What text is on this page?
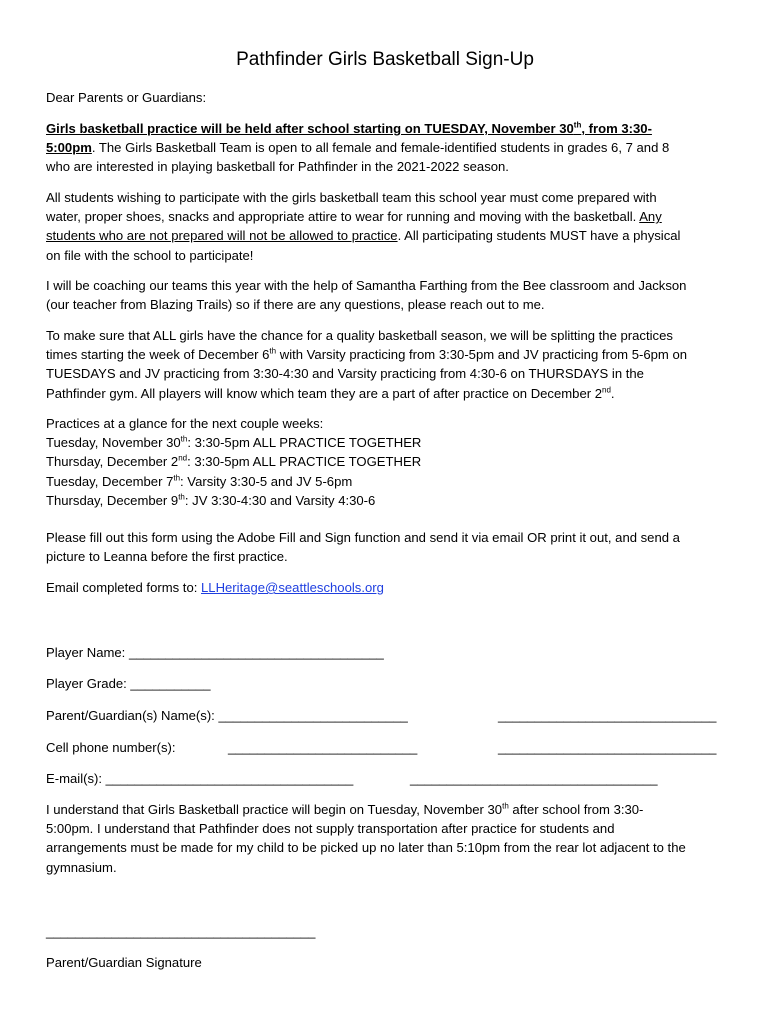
Pathfinder Girls Basketball Sign-Up
Dear Parents or Guardians:
Girls basketball practice will be held after school starting on TUESDAY, November 30th, from 3:30-
5:00pm. The Girls Basketball Team is open to all female and female-identified students in grades 6, 7 and 8
who are interested in playing basketball for Pathfinder in the 2021-2022 season.
All students wishing to participate with the girls basketball team this school year must come prepared with
water, proper shoes, snacks and appropriate attire to wear for running and moving with the basketball. Any
students who are not prepared will not be allowed to practice. All participating students MUST have a physical
on file with the school to participate!
I will be coaching our teams this year with the help of Samantha Farthing from the Bee classroom and Jackson
(our teacher from Blazing Trails) so if there are any questions, please reach out to me.
To make sure that ALL girls have the chance for a quality basketball season, we will be splitting the practices
times starting the week of December 6th with Varsity practicing from 3:30-5pm and JV practicing from 5-6pm on
TUESDAYS and JV practicing from 3:30-4:30 and Varsity practicing from 4:30-6 on THURSDAYS in the
Pathfinder gym. All players will know which team they are a part of after practice on December 2nd.
Practices at a glance for the next couple weeks:
Tuesday, November 30th: 3:30-5pm ALL PRACTICE TOGETHER
Thursday, December 2nd: 3:30-5pm ALL PRACTICE TOGETHER
Tuesday, December 7th: Varsity 3:30-5 and JV 5-6pm
Thursday, December 9th: JV 3:30-4:30 and Varsity 4:30-6
Please fill out this form using the Adobe Fill and Sign function and send it via email OR print it out, and send a
picture to Leanna before the first practice.
Email completed forms to: LLHeritage@seattleschools.org
Player Name: ___________________________________
Player Grade: ___________
Parent/Guardian(s) Name(s): __________________________	______________________________
Cell phone number(s):	__________________________	______________________________
E-mail(s): __________________________________	__________________________________
I understand that Girls Basketball practice will begin on Tuesday, November 30th after school from 3:30-
5:00pm. I understand that Pathfinder does not supply transportation after practice for students and
arrangements must be made for my child to be picked up no later than 5:10pm from the rear lot adjacent to the
gymnasium.
_____________________________________
Parent/Guardian Signature
